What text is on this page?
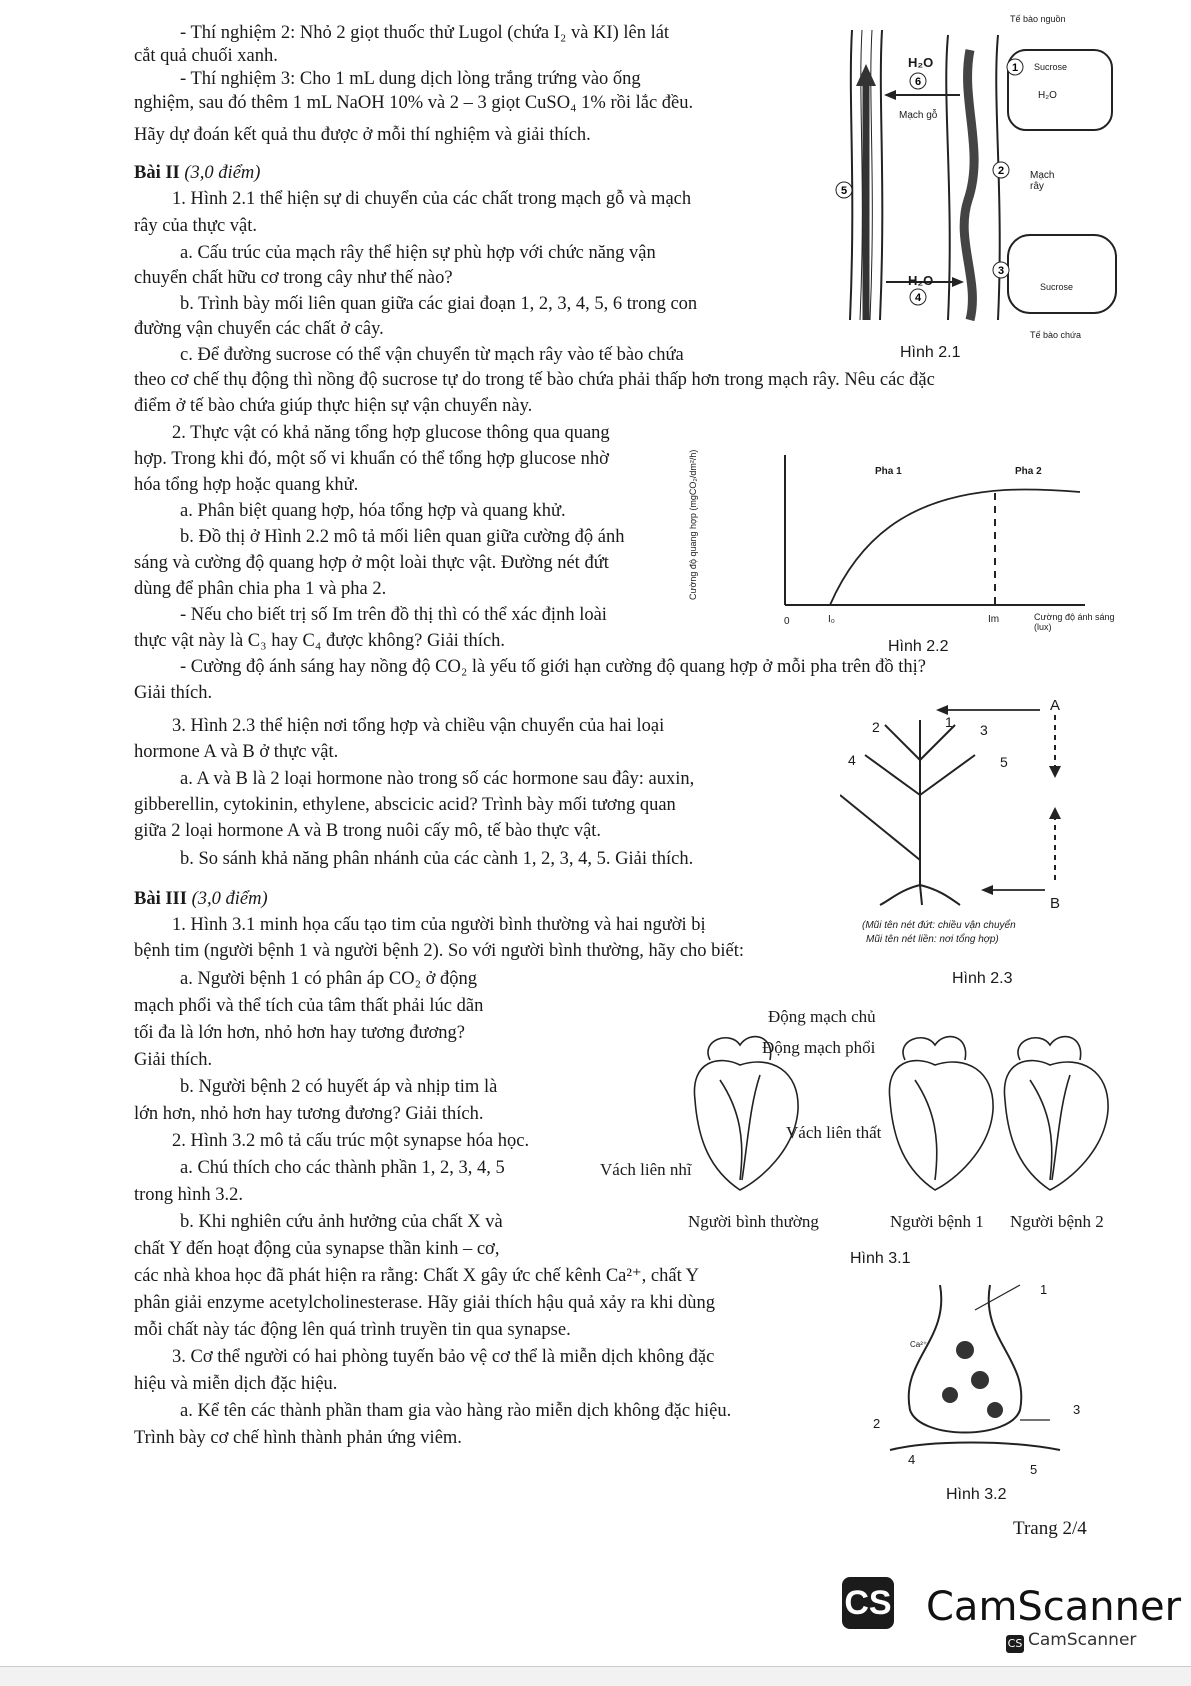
- Thí nghiệm 2: Nhỏ 2 giọt thuốc thử Lugol (chứa I₂ và KI) lên lát
cắt quả chuối xanh.
- Thí nghiệm 3: Cho 1 mL dung dịch lòng trắng trứng vào ống
nghiệm, sau đó thêm 1 mL NaOH 10% và 2 – 3 giọt CuSO₄ 1% rồi lắc đều.
Hãy dự đoán kết quả thu được ở mỗi thí nghiệm và giải thích.
Bài II (3,0 điểm)
1. Hình 2.1 thể hiện sự di chuyển của các chất trong mạch gỗ và mạch
rây của thực vật.
a. Cấu trúc của mạch rây thể hiện sự phù hợp với chức năng vận
chuyển chất hữu cơ trong cây như thế nào?
b. Trình bày mối liên quan giữa các giai đoạn 1, 2, 3, 4, 5, 6 trong con
đường vận chuyển các chất ở cây.
c. Để đường sucrose có thể vận chuyển từ mạch rây vào tế bào chứa
theo cơ chế thụ động thì nồng độ sucrose tự do trong tế bào chứa phải thấp hơn trong mạch rây. Nêu các đặc
điểm ở tế bào chứa giúp thực hiện sự vận chuyển này.
2. Thực vật có khả năng tổng hợp glucose thông qua quang
hợp. Trong khi đó, một số vi khuẩn có thể tổng hợp glucose nhờ
hóa tổng hợp hoặc quang khử.
a. Phân biệt quang hợp, hóa tổng hợp và quang khử.
b. Đồ thị ở Hình 2.2 mô tả mối liên quan giữa cường độ ánh
sáng và cường độ quang hợp ở một loài thực vật. Đường nét đứt
dùng để phân chia pha 1 và pha 2.
- Nếu cho biết trị số Im trên đồ thị thì có thể xác định loài
thực vật này là C₃ hay C₄ được không? Giải thích.
- Cường độ ánh sáng hay nồng độ CO₂ là yếu tố giới hạn cường độ quang hợp ở mỗi pha trên đồ thị?
Giải thích.
3. Hình 2.3 thể hiện nơi tổng hợp và chiều vận chuyển của hai loại
hormone A và B ở thực vật.
a. A và B là 2 loại hormone nào trong số các hormone sau đây: auxin,
gibberellin, cytokinin, ethylene, abscicic acid? Trình bày mối tương quan
giữa 2 loại hormone A và B trong nuôi cấy mô, tế bào thực vật.
b. So sánh khả năng phân nhánh của các cành 1, 2, 3, 4, 5. Giải thích.
Bài III (3,0 điểm)
1. Hình 3.1 minh họa cấu tạo tim của người bình thường và hai người bị
bệnh tim (người bệnh 1 và người bệnh 2). So với người bình thường, hãy cho biết:
a. Người bệnh 1 có phân áp CO₂ ở động
mạch phổi và thể tích của tâm thất phải lúc dãn
tối đa là lớn hơn, nhỏ hơn hay tương đương?
Giải thích.
b. Người bệnh 2 có huyết áp và nhịp tim là
lớn hơn, nhỏ hơn hay tương đương? Giải thích.
2. Hình 3.2 mô tả cấu trúc một synapse hóa học.
a. Chú thích cho các thành phần 1, 2, 3, 4, 5
trong hình 3.2.
b. Khi nghiên cứu ảnh hưởng của chất X và
chất Y đến hoạt động của synapse thần kinh – cơ,
các nhà khoa học đã phát hiện ra rằng: Chất X gây ức chế kênh Ca²⁺, chất Y
phân giải enzyme acetylcholinesterase. Hãy giải thích hậu quả xảy ra khi dùng
mỗi chất này tác động lên quá trình truyền tin qua synapse.
3. Cơ thể người có hai phòng tuyến bảo vệ cơ thể là miễn dịch không đặc
hiệu và miễn dịch đặc hiệu.
a. Kể tên các thành phần tham gia vào hàng rào miễn dịch không đặc hiệu.
Trình bày cơ chế hình thành phản ứng viêm.
1
2
3
4
5
6
Tế bào nguồn
H₂O	Sucrose
H₂O
Mạch gỗ
Mạch rây
H₂O	Sucrose
Tế bào chứa
Hình 2.1
Pha 1	Pha 2
Cường độ quang hợp (mgCO₂/dm²/h)
0	I₀	Im	Cường độ ánh sáng (lux)
Hình 2.2
1
2	3
4	5
A
B
(Mũi tên nét đứt: chiều vận chuyển
Mũi tên nét liền: nơi tổng hợp)
Hình 2.3
Động mạch chủ
Động mạch phổi
Vách liên thất
Vách liên nhĩ
Người bình thường	Người bệnh 1 Người bệnh 2
Hình 3.1
1
2
3
4
5
Ca²⁺
Hình 3.2
Trang 2/4
CS CamScanner
CS CamScanner
